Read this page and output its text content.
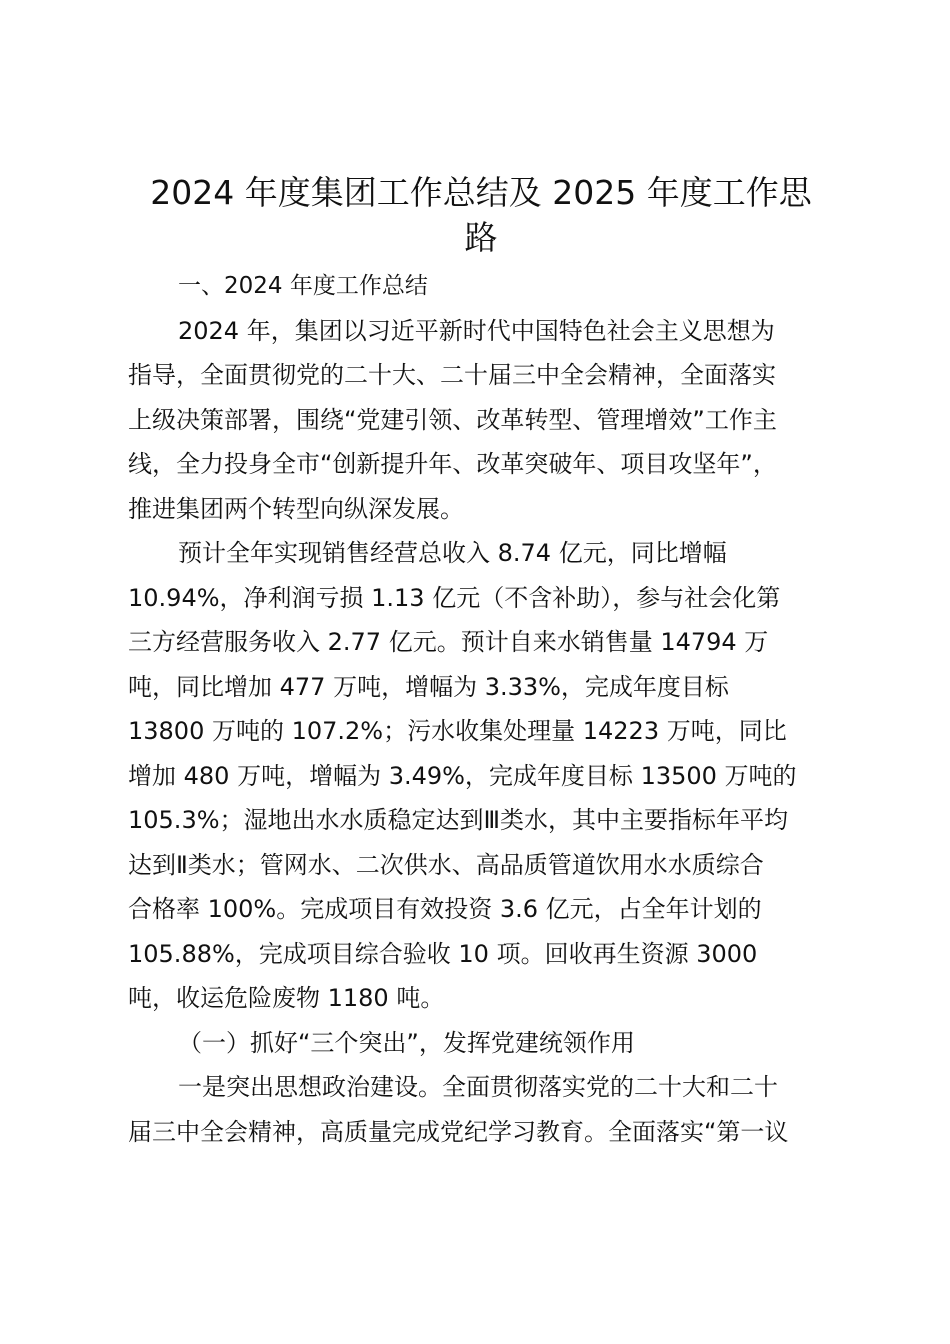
2024 年度集团工作总结及 2025 年度工作思
路

一、2024 年度工作总结

2024 年，集团以习近平新时代中国特色社会主义思想为
指导，全面贯彻党的二十大、二十届三中全会精神，全面落实
上级决策部署，围绕“党建引领、改革转型、管理增效”工作主
线，全力投身全市“创新提升年、改革突破年、项目攻坚年”，
推进集团两个转型向纵深发展。

预计全年实现销售经营总收入 8.74 亿元，同比增幅
10.94%，净利润亏损 1.13 亿元（不含补助），参与社会化第
三方经营服务收入 2.77 亿元。预计自来水销售量 14794 万
吨，同比增加 477 万吨，增幅为 3.33%，完成年度目标
13800 万吨的 107.2%；污水收集处理量 14223 万吨，同比
增加 480 万吨，增幅为 3.49%，完成年度目标 13500 万吨的
105.3%；湿地出水水质稳定达到Ⅲ类水，其中主要指标年平均
达到Ⅱ类水；管网水、二次供水、高品质管道饮用水水质综合
合格率 100%。完成项目有效投资 3.6 亿元，占全年计划的
105.88%，完成项目综合验收 10 项。回收再生资源 3000
吨，收运危险废物 1180 吨。

（一）抓好“三个突出”，发挥党建统领作用

一是突出思想政治建设。全面贯彻落实党的二十大和二十
届三中全会精神，高质量完成党纪学习教育。全面落实“第一议
